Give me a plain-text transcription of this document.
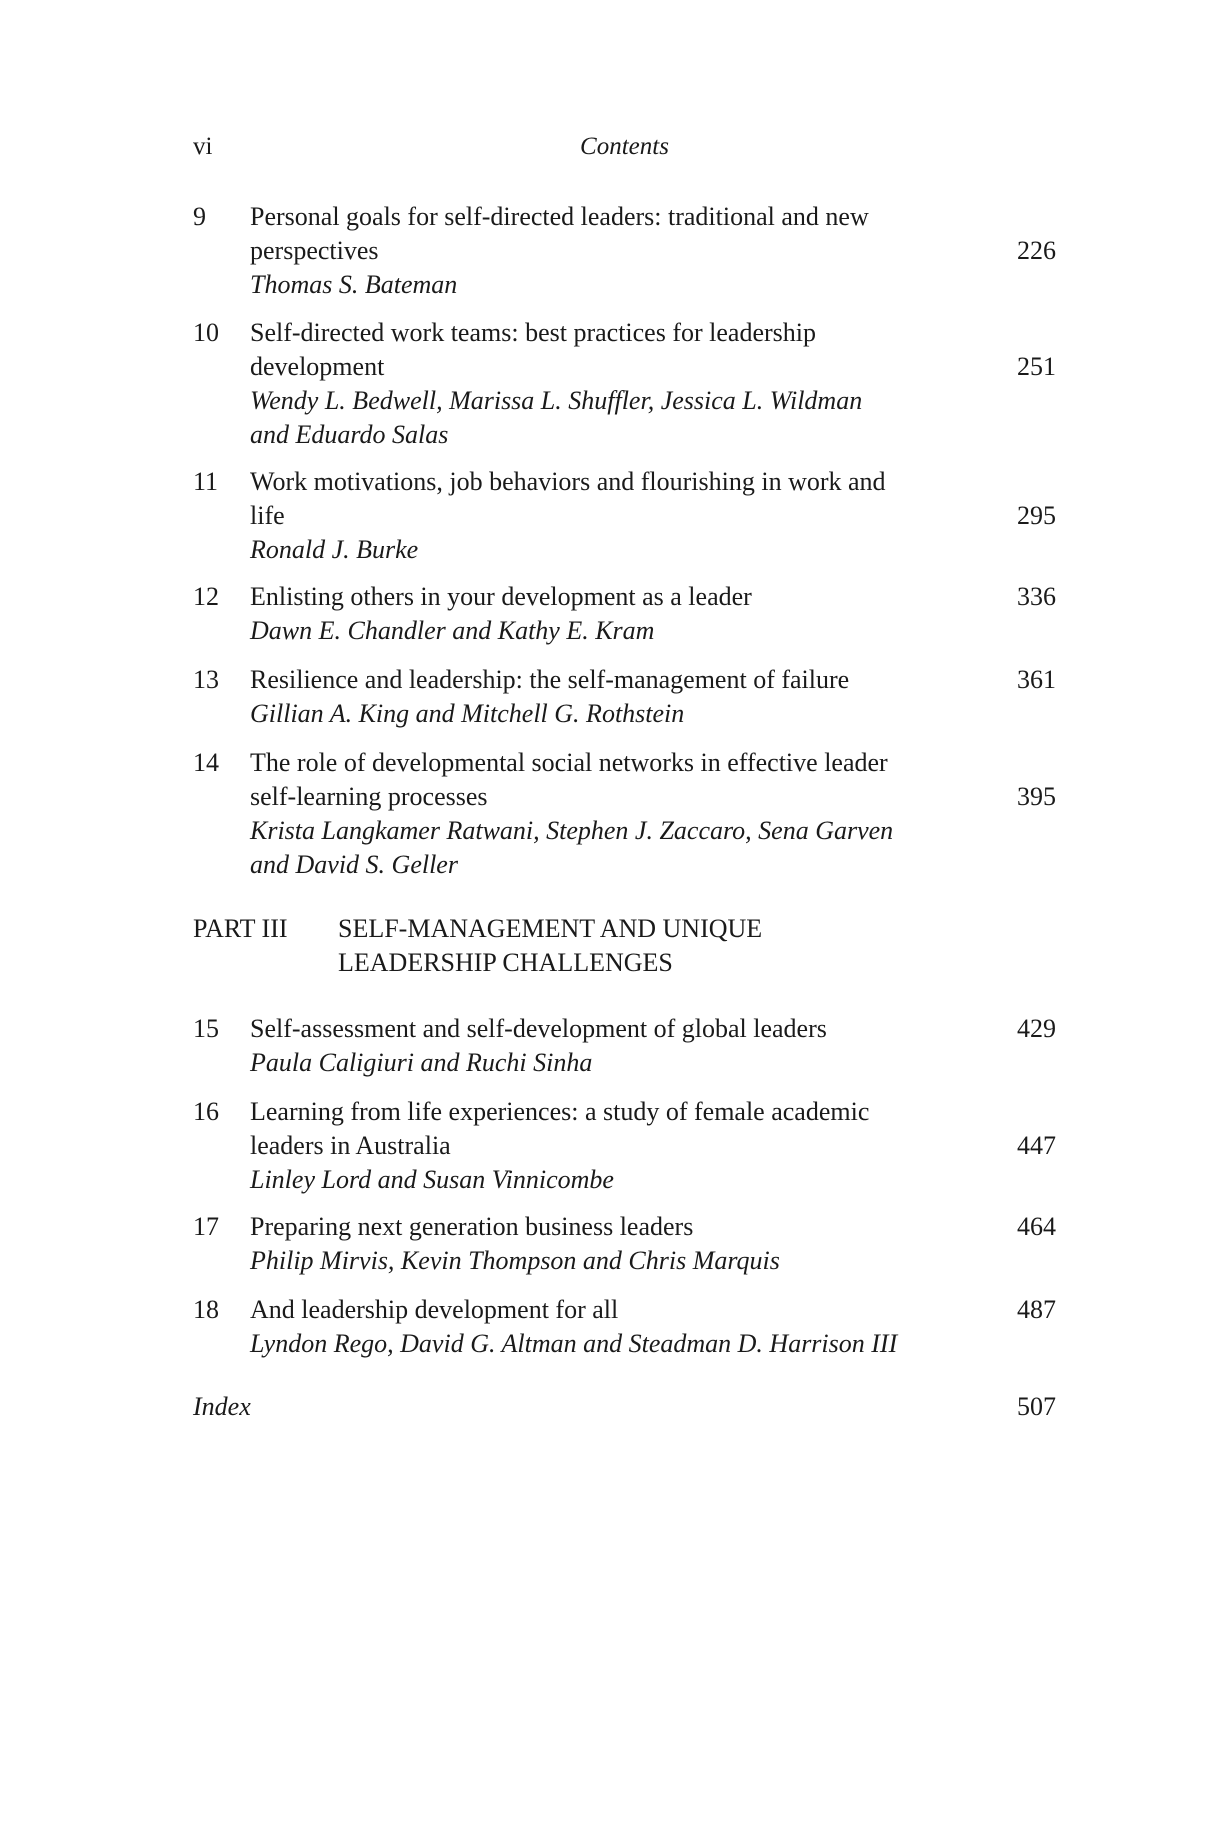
vi	Contents
9 Personal goals for self-directed leaders: traditional and new
perspectives
Thomas S. Bateman
226
10 Self-directed work teams: best practices for leadership
development
Wendy L. Bedwell, Marissa L. Shuffler, Jessica L. Wildman
and Eduardo Salas
251
11 Work motivations, job behaviors and flourishing in work and
life
Ronald J. Burke
295
12 Enlisting others in your development as a leader
Dawn E. Chandler and Kathy E. Kram
336
13 Resilience and leadership: the self-management of failure
Gillian A. King and Mitchell G. Rothstein
361
14 The role of developmental social networks in effective leader
self-learning processes
Krista Langkamer Ratwani, Stephen J. Zaccaro, Sena Garven
and David S. Geller
395
PART III SELF-MANAGEMENT AND UNIQUE
LEADERSHIP CHALLENGES
15 Self-assessment and self-development of global leaders
Paula Caligiuri and Ruchi Sinha
429
16 Learning from life experiences: a study of female academic
leaders in Australia
Linley Lord and Susan Vinnicombe
447
17 Preparing next generation business leaders
Philip Mirvis, Kevin Thompson and Chris Marquis
464
18 And leadership development for all
Lyndon Rego, David G. Altman and Steadman D. Harrison III
487
Index	507
